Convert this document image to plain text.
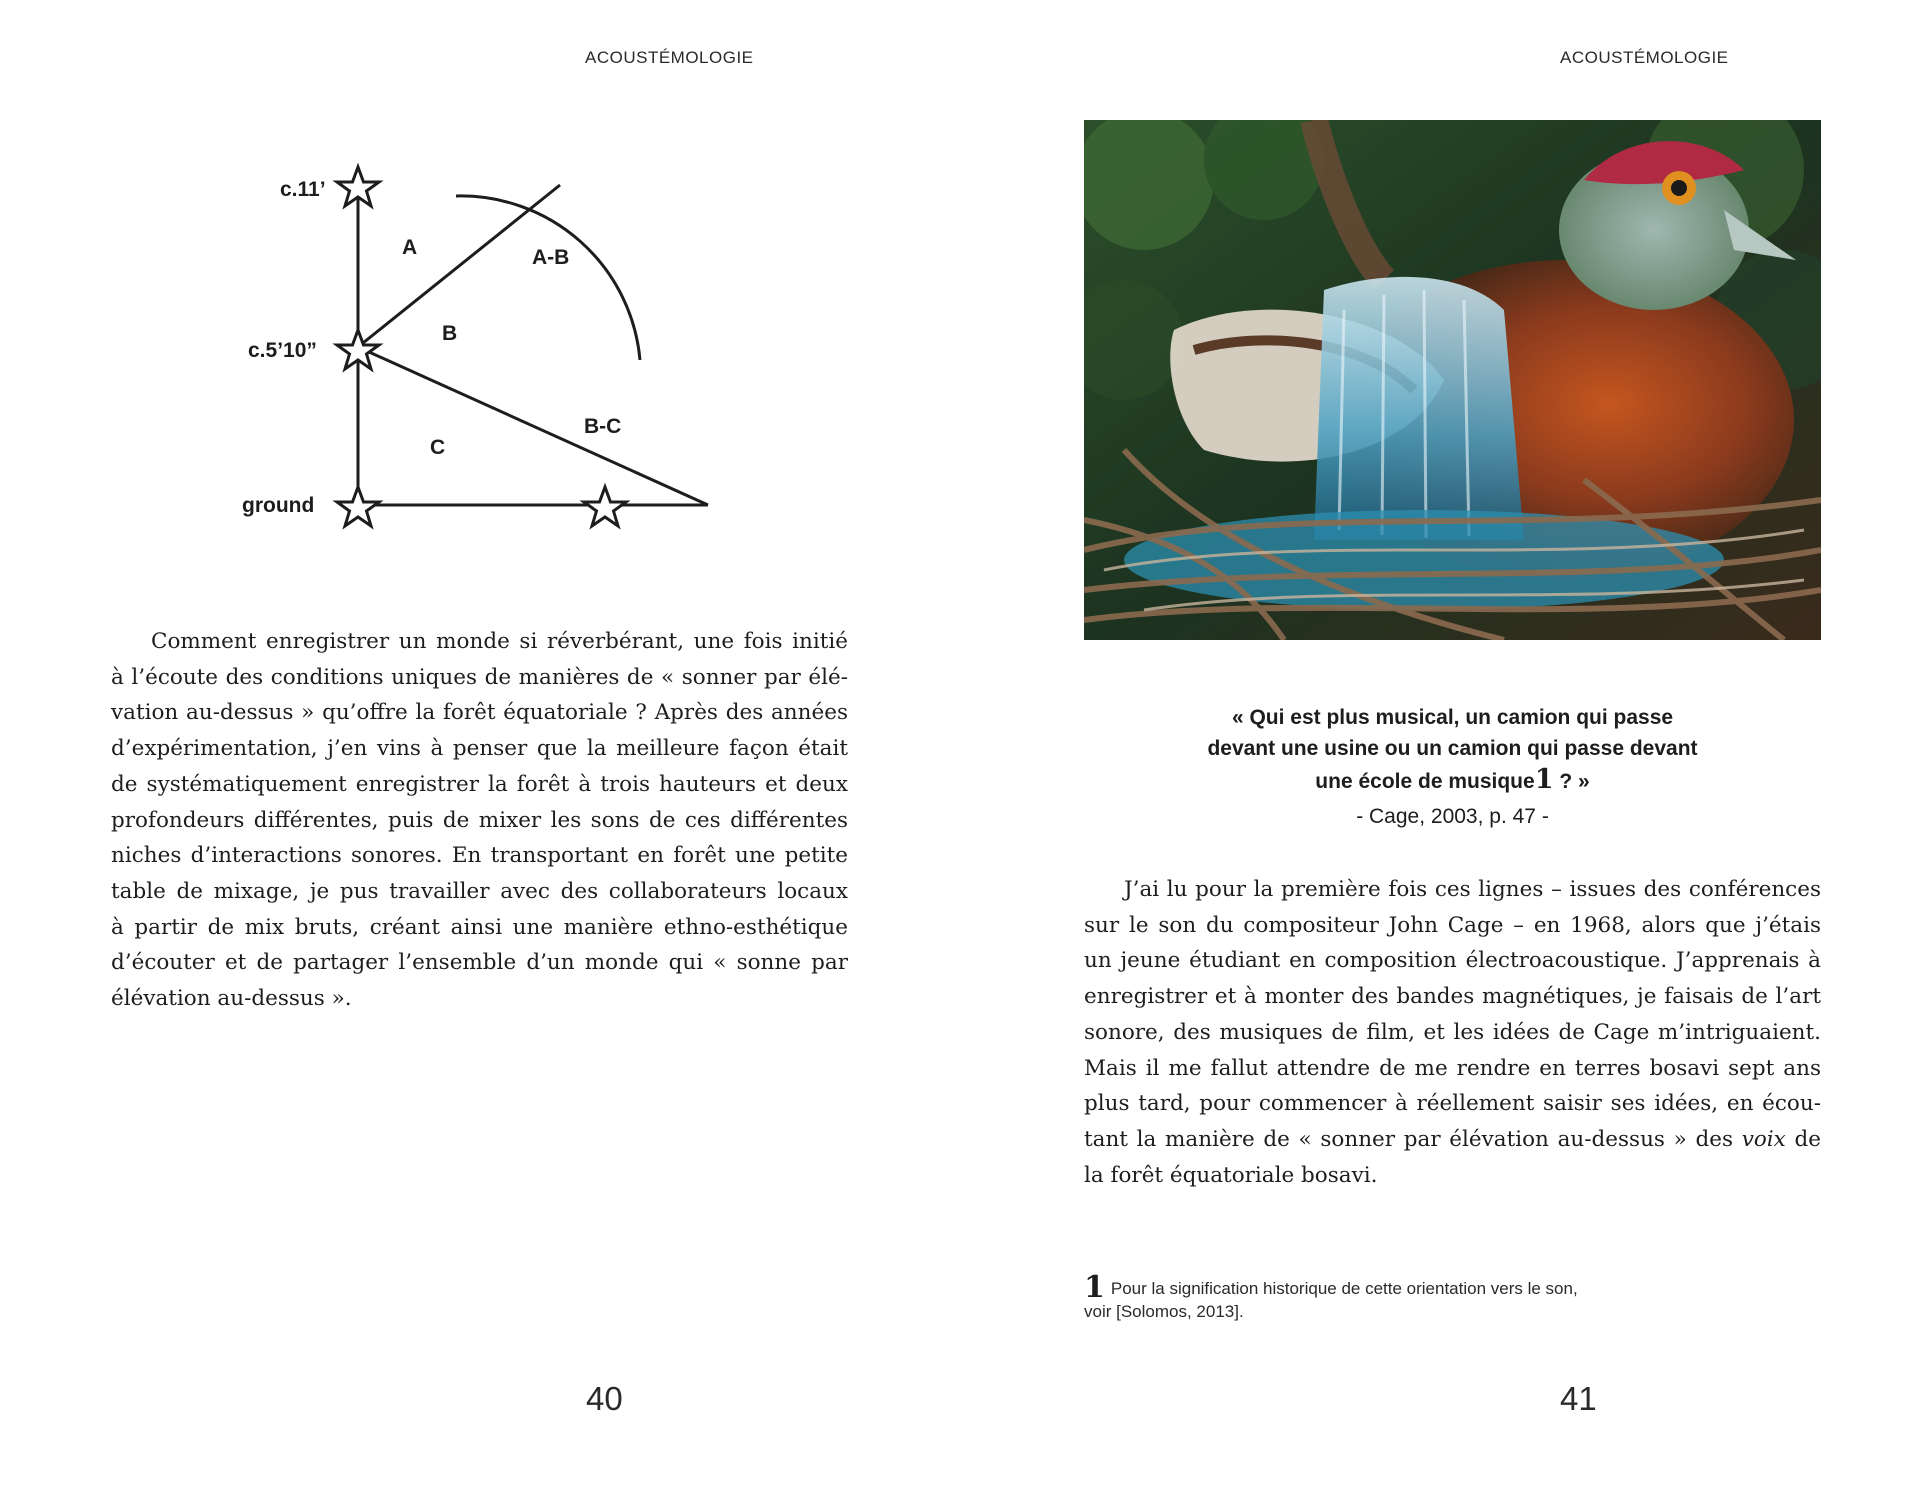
ACOUSTÉMOLOGIE
c.11’
c.5’10”
ground
A	A-B
B
C
B-C
Comment enregistrer un monde si réverbérant, une fois initié
à l’écoute des conditions uniques de manières de « sonner par élé-
vation au-dessus » qu’offre la forêt équatoriale ? Après des années
d’expérimentation, j’en vins à penser que la meilleure façon était
de systématiquement enregistrer la forêt à trois hauteurs et deux
profondeurs différentes, puis de mixer les sons de ces différentes
niches d’interactions sonores. En transportant en forêt une petite
table de mixage, je pus travailler avec des collaborateurs locaux
à partir de mix bruts, créant ainsi une manière ethno-esthétique
d’écouter et de partager l’ensemble d’un monde qui « sonne par
élévation au-dessus ».
40
ACOUSTÉMOLOGIE
« Qui est plus musical, un camion qui passe
devant une usine ou un camion qui passe devant
une école de musique1 ? »
- Cage, 2003, p. 47 -
J’ai lu pour la première fois ces lignes – issues des conférences
sur le son du compositeur John Cage – en 1968, alors que j’étais
un jeune étudiant en composition électroacoustique. J’apprenais à
enregistrer et à monter des bandes magnétiques, je faisais de l’art
sonore, des musiques de film, et les idées de Cage m’intriguaient.
Mais il me fallut attendre de me rendre en terres bosavi sept ans
plus tard, pour commencer à réellement saisir ses idées, en écou-
tant la manière de « sonner par élévation au-dessus » des voix de
la forêt équatoriale bosavi.
1 Pour la signification historique de cette orientation vers le son,
voir [Solomos, 2013].
41
